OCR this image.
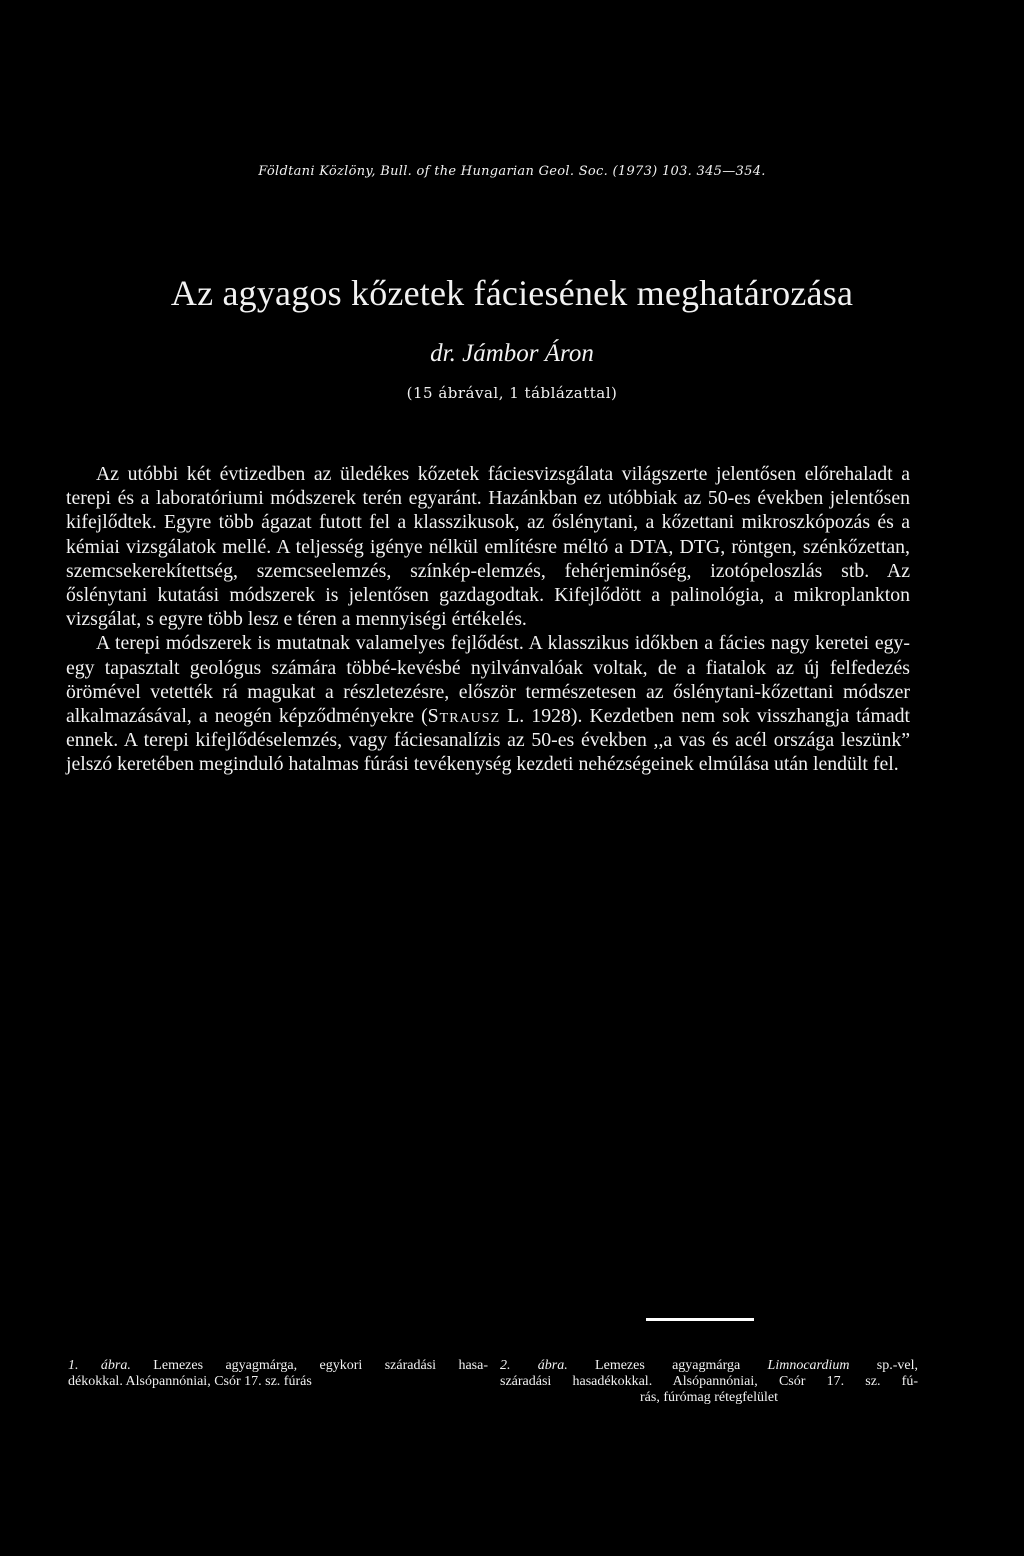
Földtani Közlöny, Bull. of the Hungarian Geol. Soc. (1973) 103. 345—354.
Az agyagos kőzetek fáciesének meghatározása
dr. Jámbor Áron
(15 ábrával, 1 táblázattal)

Az utóbbi két évtizedben az üledékes kőzetek fáciesvizsgálata világszerte jelentősen előrehaladt a terepi és a laboratóriumi módszerek terén egyaránt. Hazánkban ez utóbbiak az 50-es években jelentősen kifejlődtek. Egyre több ágazat futott fel a klasszikusok, az őslénytani, a kőzettani mikroszkópozás és a kémiai vizsgálatok mellé. A teljesség igénye nélkül említésre méltó a DTA, DTG, röntgen, szénkőzettan, szemcsekerekítettség, szemcseelemzés, színkép-elemzés, fehérjeminőség, izotópeloszlás stb. Az őslénytani kutatási módszerek is jelentősen gazdagodtak. Kifejlődött a palinológia, a mikroplankton vizsgálat, s egyre több lesz e téren a mennyiségi értékelés.

A terepi módszerek is mutatnak valamelyes fejlődést. A klasszikus időkben a fácies nagy keretei egy-egy tapasztalt geológus számára többé-kevésbé nyilvánvalóak voltak, de a fiatalok az új felfedezés örömével vetették rá magukat a részletezésre, először természetesen az őslénytani-kőzettani módszer alkalmazásával, a neogén képződményekre (Strausz L. 1928). Kezdetben nem sok visszhangja támadt ennek. A terepi kifejlődéselemzés, vagy fáciesanalízis az 50-es években ,,a vas és acél országa leszünk” jelszó keretében meginduló hatalmas fúrási tevékenység kezdeti nehézségeinek elmúlása után lendült fel.

1. ábra. Lemezes agyagmárga, egykori száradási hasa-
dékokkal. Alsópannóniai, Csór 17. sz. fúrás
2. ábra. Lemezes agyagmárga Limnocardium sp.-vel,
száradási hasadékokkal. Alsópannóniai, Csór 17. sz. fú-
rás, fúrómag rétegfelület
